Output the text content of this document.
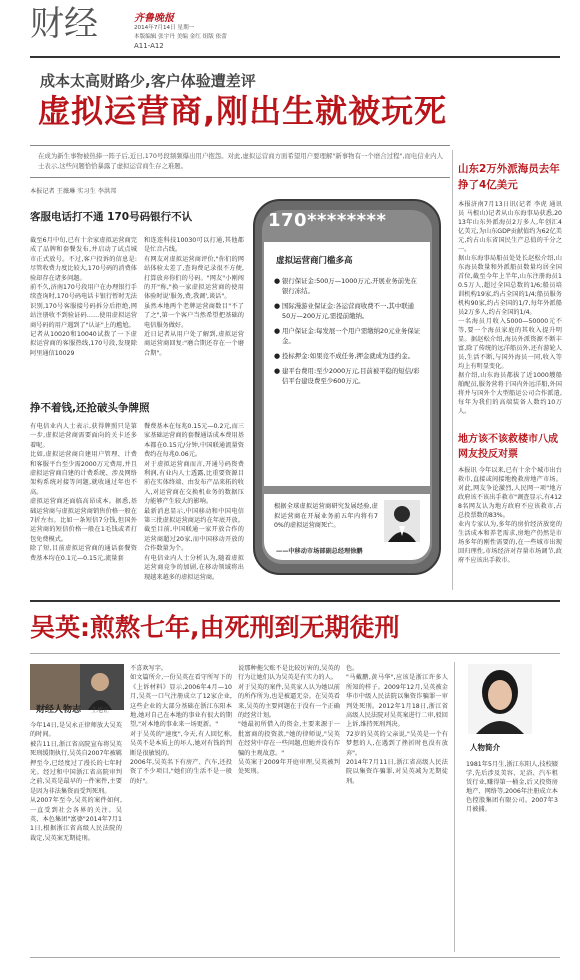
财经	齐鲁晚报
2014年7月14日 星期一
本版编辑 张宇丹 美编 金红 组版 依蕾
A11-A12
成本太高财路少,客户体验遭差评
虚拟运营商,刚出生就被玩死
在成为新生事物被热捧一阵子后,近日,170号段频频爆出用户抱怨。对此,虚拟运营商方面希望用户要理解"新事物有一个磨合过程",而电信业内人士表示,这些问题恰恰暴露了虚拟运营商生存之难题。
本报记者 王薇琳 实习生 李洪邦
客服电话打不通 170号码银行不认
截至6月中旬,已有十余家虚拟运营商完成了品牌和套餐发布,并启动了试点城市正式放号。不过,客户投诉的信息是:尽管收费力度比较大,170号码的消费体验却存在诸多问题。
前不久,济南170号段用户在办理银行手续查询时,170号码电话卡银行暂时无法识别,170号客服接号码拆分后拒绝,网站注册收不到验证码……使用虚拟运营商号码的用户遇到了"认证"上的尴尬。
记者从10020和10040试拨了一下虚拟运营商的客服热线,170号段,发现除阿里通信10029
和连连科技10030可以打通,其他都是忙音占线。
有网友对虚拟运营商评价,"你们的网站体验太差了,查询费记录很不方便,打算放弃你们的号码。"网友"小刚闯的开"称,"换一家虚拟运营商的使用体验时说'服务,费,我调',谈话"。
虽然本地两个老牌运营商数目"不了了之",第一个客户当然希望把基础的电信服务做好。
近日记者从用户处了解到,虚拟运营商运营商回复:"磨合期还存在一个磨合期"。
挣不着钱,还抢破头争牌照
有电信业内人士表示,获得牌照只是第一步,虚拟运营商需要面向的关卡还多着呢。
比如,虚拟运营商自建用户管理、计费和客服平台至少需2000万元费用,并且虚拟运营商自建的计费系统、涉及网络架构系统对接等问题,就收通过年也不高。
虚拟运营商还面临高昂成本。据悉,基础运营商与虚拟运营商销售价格一般在7折左右。比如一条短信7分钱,但国外运营商的短信价格一般在1毛钱或者打包免费模式。
除了短,目前虚拟运营商的通话套餐资费基本均在0.1元—0.15元,流量套
餐费基本在每兆0.15元—0.2元,而三家基础运营商的套餐通话成本费用基本都在0.15元/分钟,中国联通流量资费约在每兆0.06元。
对于虚拟运营商而言,开通号码资费利润,有业内人士透露,比重要资源目前在实体终端、由发布产品来拓的收入,对运营商在交换机业务的数据压力能够产生较大的影响。
最新消息显示,中国移动和中国电信第三批虚拟运营商运约在年底开放。截至目前,中国联通一家开放合作的运营商超过20家,而中国移动开放的合作数量为个。
有电信业内人士分析认为,随着虚拟运营商竞争的加剧,在移动领域将出现越来越多的虚拟运营商。
170********
虚拟运营商门槛多高
● 银行保证金:500万—1000万元,开展业务前先在银行冻结。
● 国际漫游业保证金:各运营商收费不一,其中联通50万—200万元,需提前缴纳。
● 用户保证金:每发展一个用户需缴纳20元业务保证金。
● 投标押金:如果竞不成任务,押金就成为违约金。
● 建平台费用:至少2000万元,目前被平稳的短信/彩信平台建设费至少600万元。
根据全球虚拟运营商研究发展经验,虚拟运营商在开展业务前五年内将有70%的虚拟运营商死亡。
——中移动市场部副总经理徐鹏
山东2万外派海员去年挣了4亿美元
本报济南7月13日讯(记者 李虎 通讯员 马根山)记者从山东海事局获悉,2013年山东外派海员2万多人,年创汇4亿美元,为山东GDP贡献值约为62亿美元,约占山东省国民生产总值的千分之一。
据山东海事局船员处处长赵松介绍,山东海员数量和外派船员数量均居全国首位,截至今年上半年,山东注册海员10.5万人,超过全国总数的1/6;船员培训机构19家,约占全国的1/4;船员服务机构90家,约占全国的1/7,每年外派船员2万多人,约占全国的1/4。
一名海员月收入5000—50000元不等,要一个海员家庭的其收入提升明显。据赵松介绍,海员外派资源不断丰富,除了传统的远洋船员外,还有游轮人员,生活不断,与国外海员一同,收入等均上有明显变化。
据介绍,山东海员都拔了近1000艘船舶配员,服务营将于国内外远洋船,外国将并与国外个大型船运公司合作派遣,每年为我们的高端装备人数约10万人。
地方该不该救楼市八成网友投反对票
本报讯 今年以来,已有十余个城市出台救市,直接或间接地挽救房地产市场。对此,网友争论激烈,人民网一项"地方政府该不该出手救市"调查显示,有4128名网友认为地方政府不应该救市,占总投票数的83%。
业内专家认为,多年的房价经济放宽的生活成本和养老需求,房地产仍然是市场多年的刚性需要的,在一些城市出现回归理性,市场经济对存量市场调节,政府不应该出手救市。
吴英:煎熬七年,由死刑到无期徒刑
财经人物志 王旭正
今年14日,是吴永正律师放大吴英的时间。
被告11日,浙江省高院宣布将吴英死刑缓期执行,吴英自2007年被羁押至今,已经度过了漫长的七年时光。经过和中国浙江省高院审判之前,吴英是最早的一件案件,主要是因为非法集资而受判死刑。
从2007年至今,吴英的案件如何,一直受到社会各界的关注。吴英、本色集团"富婆"2014年7月11日,根据浙江省高级人民法院的裁定,吴英案无期徒刑。
不喜欢写字。
如文篇所介,一份吴英在看守所写下的《上诉材料》显示,2006年4月—10月,吴英一口气注册成立了12家企业,这些企业的大部分基础在浙江东阳本地,她对自己在本地的事业有很大的期望,"对本地的事业来一场更新。"
对于吴英的"速度",今天,有人回忆称,吴英不是本质上的坏人,她对有钱的判断是很敏锐的。
2006年,吴英名下有房产、汽车,还投资了不少项目,"她们的生活不是一般的好"。
说那种拖欠账不是比较厉害的,吴英的行为让她们认为吴英是有实力的人。
对于吴英的案件,吴英家人认为她以前的所作所为,也是被逼无奈。在吴英看来,吴英的主要问题在于没有一个正确的经营计划。
"她最初所借入的资金,主要来源于一批富商的投资款,"她的律师说,"吴英在经营中存在一些问题,但她并没有诈骗的主观故意。"
吴英案于2009年开庭审理,吴英被判处死刑。
色。
"马戴鹏,黄马华",应该是浙江许多人所知的样子。2009年12月,吴英被金华市中级人民法院以集资诈骗罪一审判处死刑。2012年1月18日,浙江省高级人民法院对吴英案进行二审,驳回上诉,维持死刑判决。
72岁的吴英的父亲说,"吴英是一个有梦想的人,在遇到了挫折时也没有放弃"。
2014年7月11日,浙江省高级人民法院以集资诈骗罪,对吴英减为无期徒刑。
人物简介
1981年5月生,浙江东阳人,技校辍学,先后涉及美容、足浴、汽车租赁行业,赚得第一桶金,后又投资房地产、网络等,2006年注册成立本色控股集团有限公司。2007年3月被捕。
